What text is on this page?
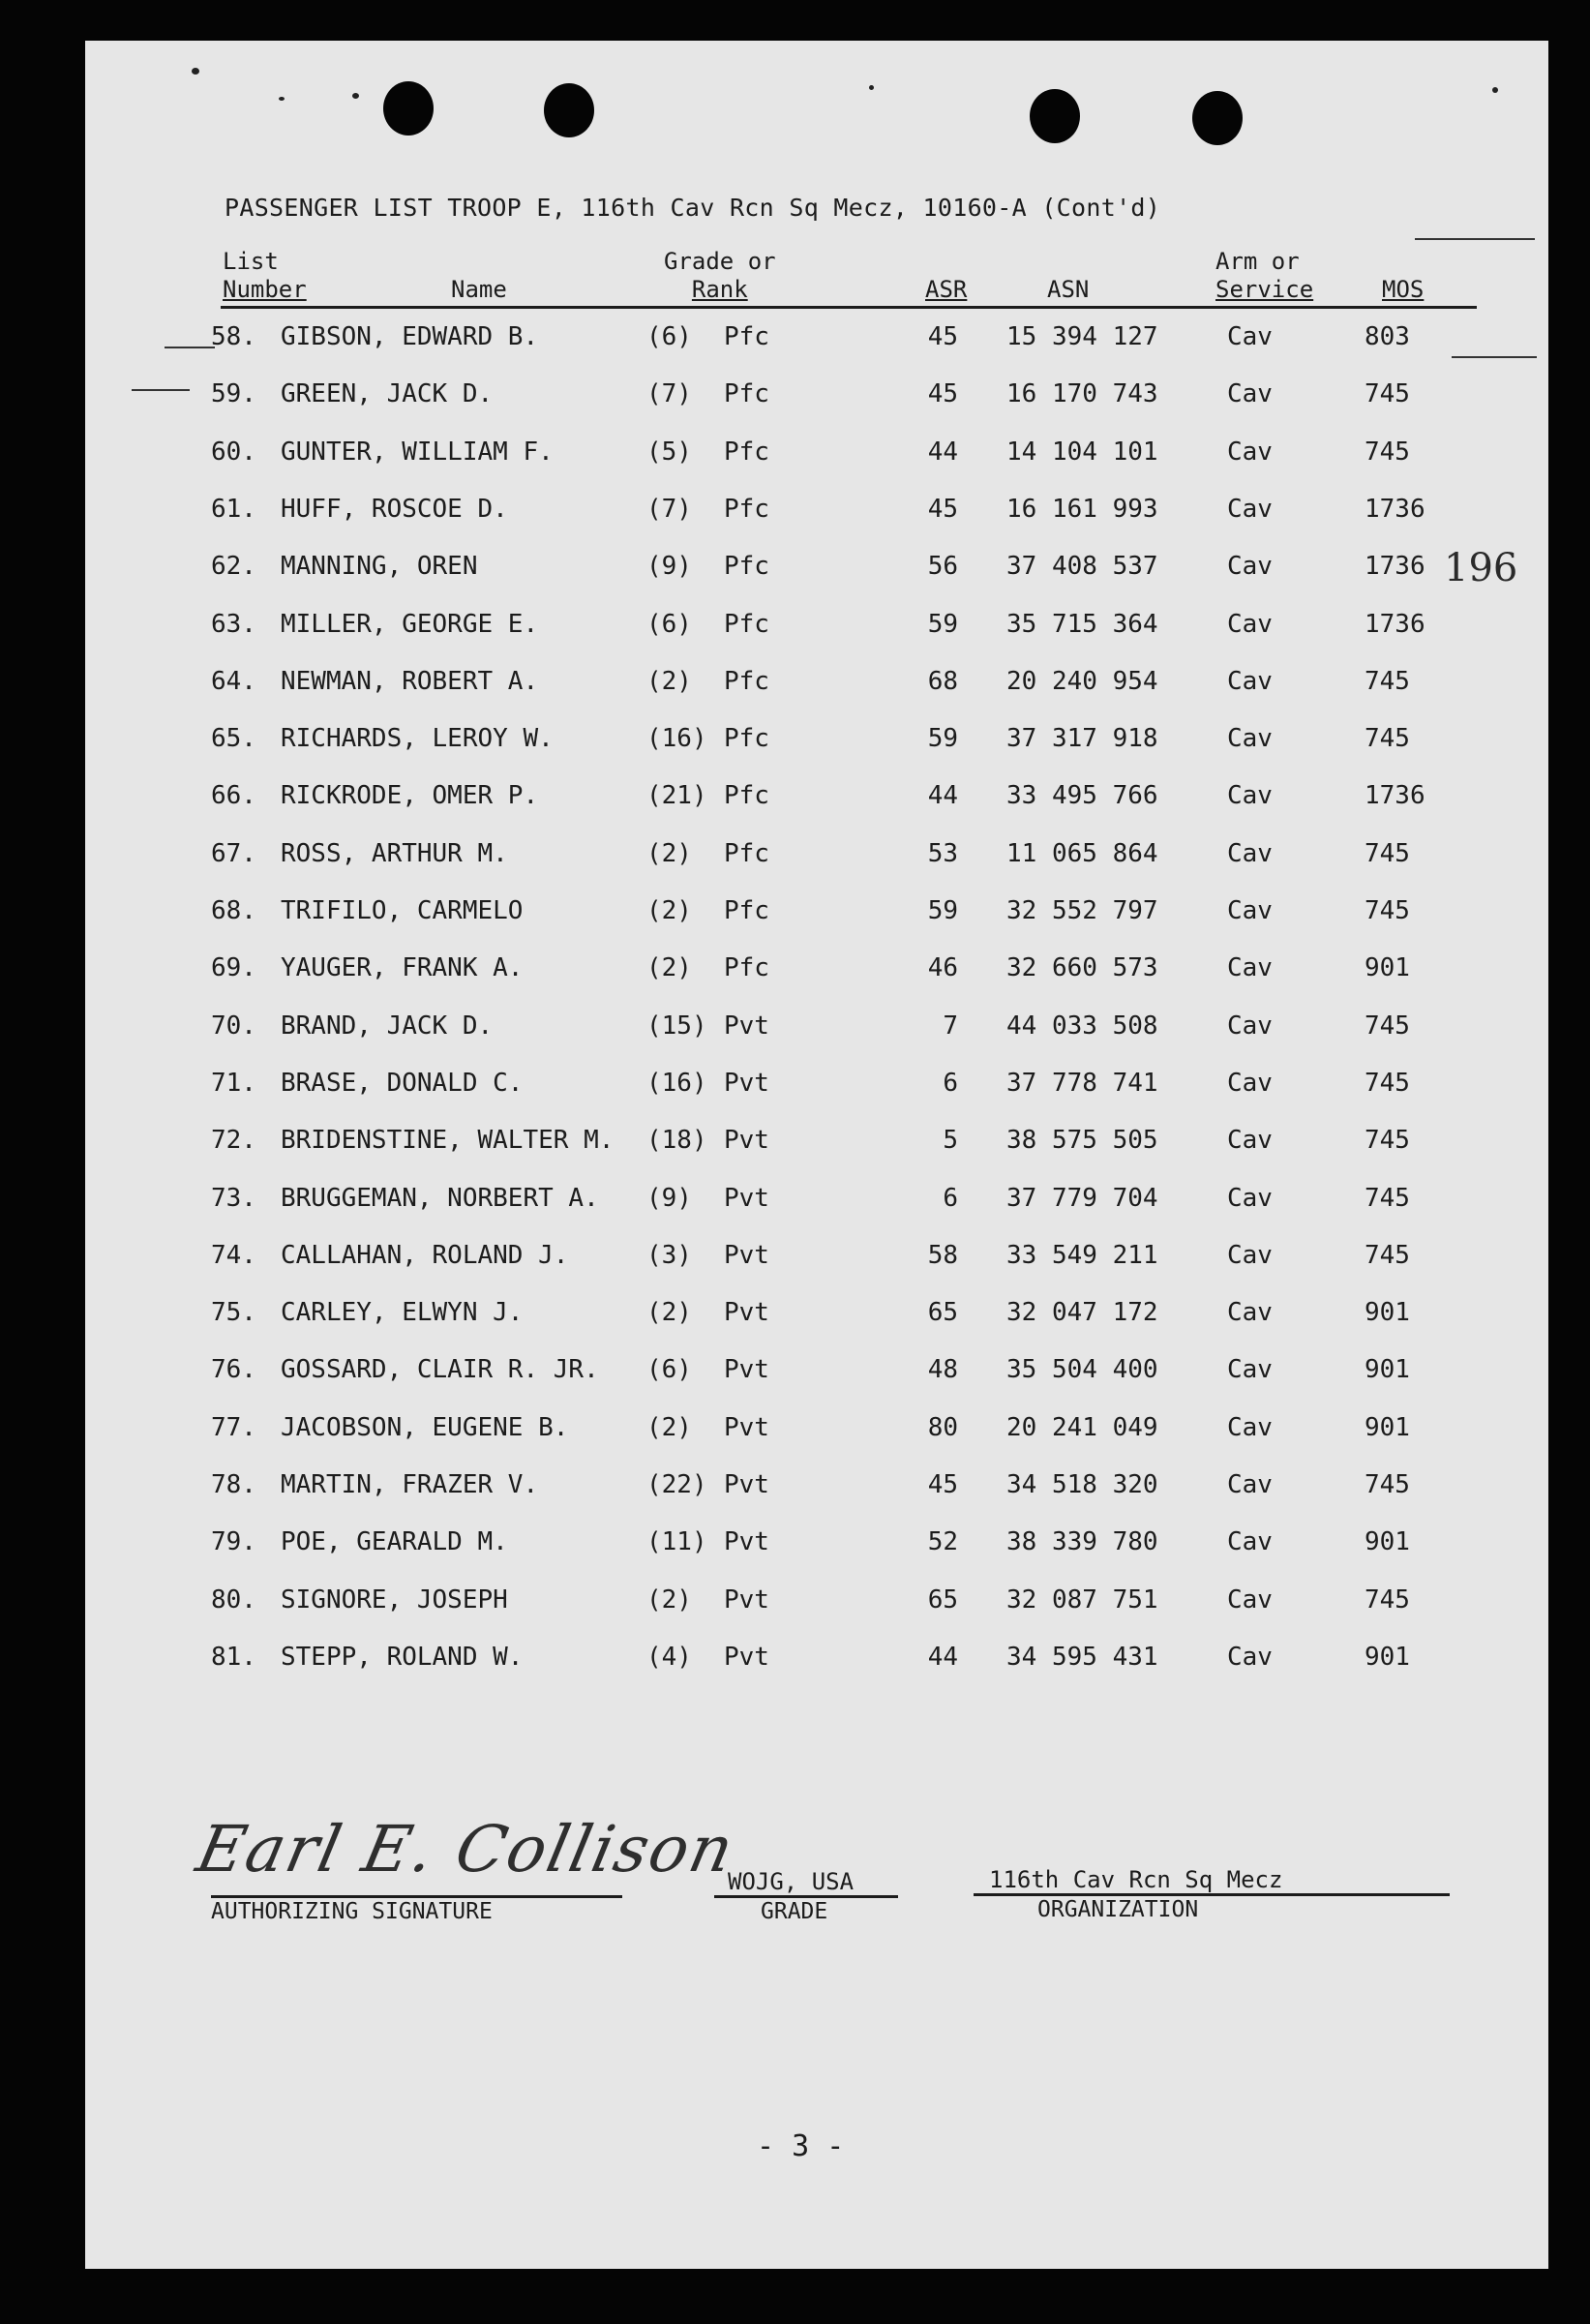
PASSENGER LIST TROOP E, 116th Cav Rcn Sq Mecz, 10160-A (Cont'd)
List
Number	Name
Grade or
Rank	ASR	ASN
Arm or
Service	MOS
196
58. GIBSON, EDWARD B.	(6) Pfc	45 15 394 127	Cav	803
59. GREEN, JACK D.	(7) Pfc	45 16 170 743	Cav	745
60. GUNTER, WILLIAM F.	(5) Pfc	44 14 104 101	Cav	745
61. HUFF, ROSCOE D.	(7) Pfc	45 16 161 993	Cav	1736
62. MANNING, OREN	(9) Pfc	56 37 408 537	Cav	1736
63. MILLER, GEORGE E.	(6) Pfc	59 35 715 364	Cav	1736
64. NEWMAN, ROBERT A.	(2) Pfc	68 20 240 954	Cav	745
65. RICHARDS, LEROY W.	(16) Pfc	59 37 317 918	Cav	745
66. RICKRODE, OMER P.	(21) Pfc	44 33 495 766	Cav	1736
67. ROSS, ARTHUR M.	(2) Pfc	53 11 065 864	Cav	745
68. TRIFILO, CARMELO	(2) Pfc	59 32 552 797	Cav	745
69. YAUGER, FRANK A.	(2) Pfc	46 32 660 573	Cav	901
70. BRAND, JACK D.	(15) Pvt	7 44 033 508	Cav	745
71. BRASE, DONALD C.	(16) Pvt	6 37 778 741	Cav	745
72. BRIDENSTINE, WALTER M. (18) Pvt	5 38 575 505	Cav	745
73. BRUGGEMAN, NORBERT A. (9) Pvt	6 37 779 704	Cav	745
74. CALLAHAN, ROLAND J.	(3) Pvt	58 33 549 211	Cav	745
75. CARLEY, ELWYN J.	(2) Pvt	65 32 047 172	Cav	901
76. GOSSARD, CLAIR R. JR. (6) Pvt	48 35 504 400	Cav	901
77. JACOBSON, EUGENE B.	(2) Pvt	80 20 241 049	Cav	901
78. MARTIN, FRAZER V.	(22) Pvt	45 34 518 320	Cav	745
79. POE, GEARALD M.	(11) Pvt	52 38 339 780	Cav	901
80. SIGNORE, JOSEPH	(2) Pvt	65 32 087 751	Cav	745
81. STEPP, ROLAND W.	(4) Pvt	44 34 595 431	Cav	901
Earl E. Collison
AUTHORIZING SIGNATURE
WOJG, USA
GRADE
116th Cav Rcn Sq Mecz
ORGANIZATION
- 3 -
